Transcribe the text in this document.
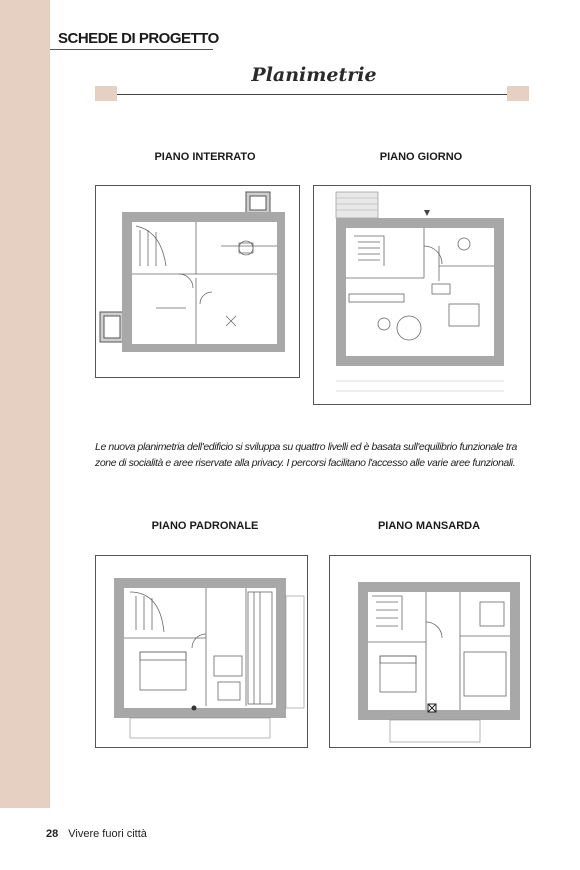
SCHEDE DI PROGETTO
Planimetrie
PIANO INTERRATO	PIANO GIORNO
PIANO PADRONALE	PIANO MANSARDA
Le nuova planimetria dell'edificio si sviluppa su quattro livelli ed è basata sull'equilibrio funzionale tra zone di socialità e aree riservate alla privacy. I percorsi facilitano l'accesso alle varie aree funzionali.
28 Vivere fuori città
